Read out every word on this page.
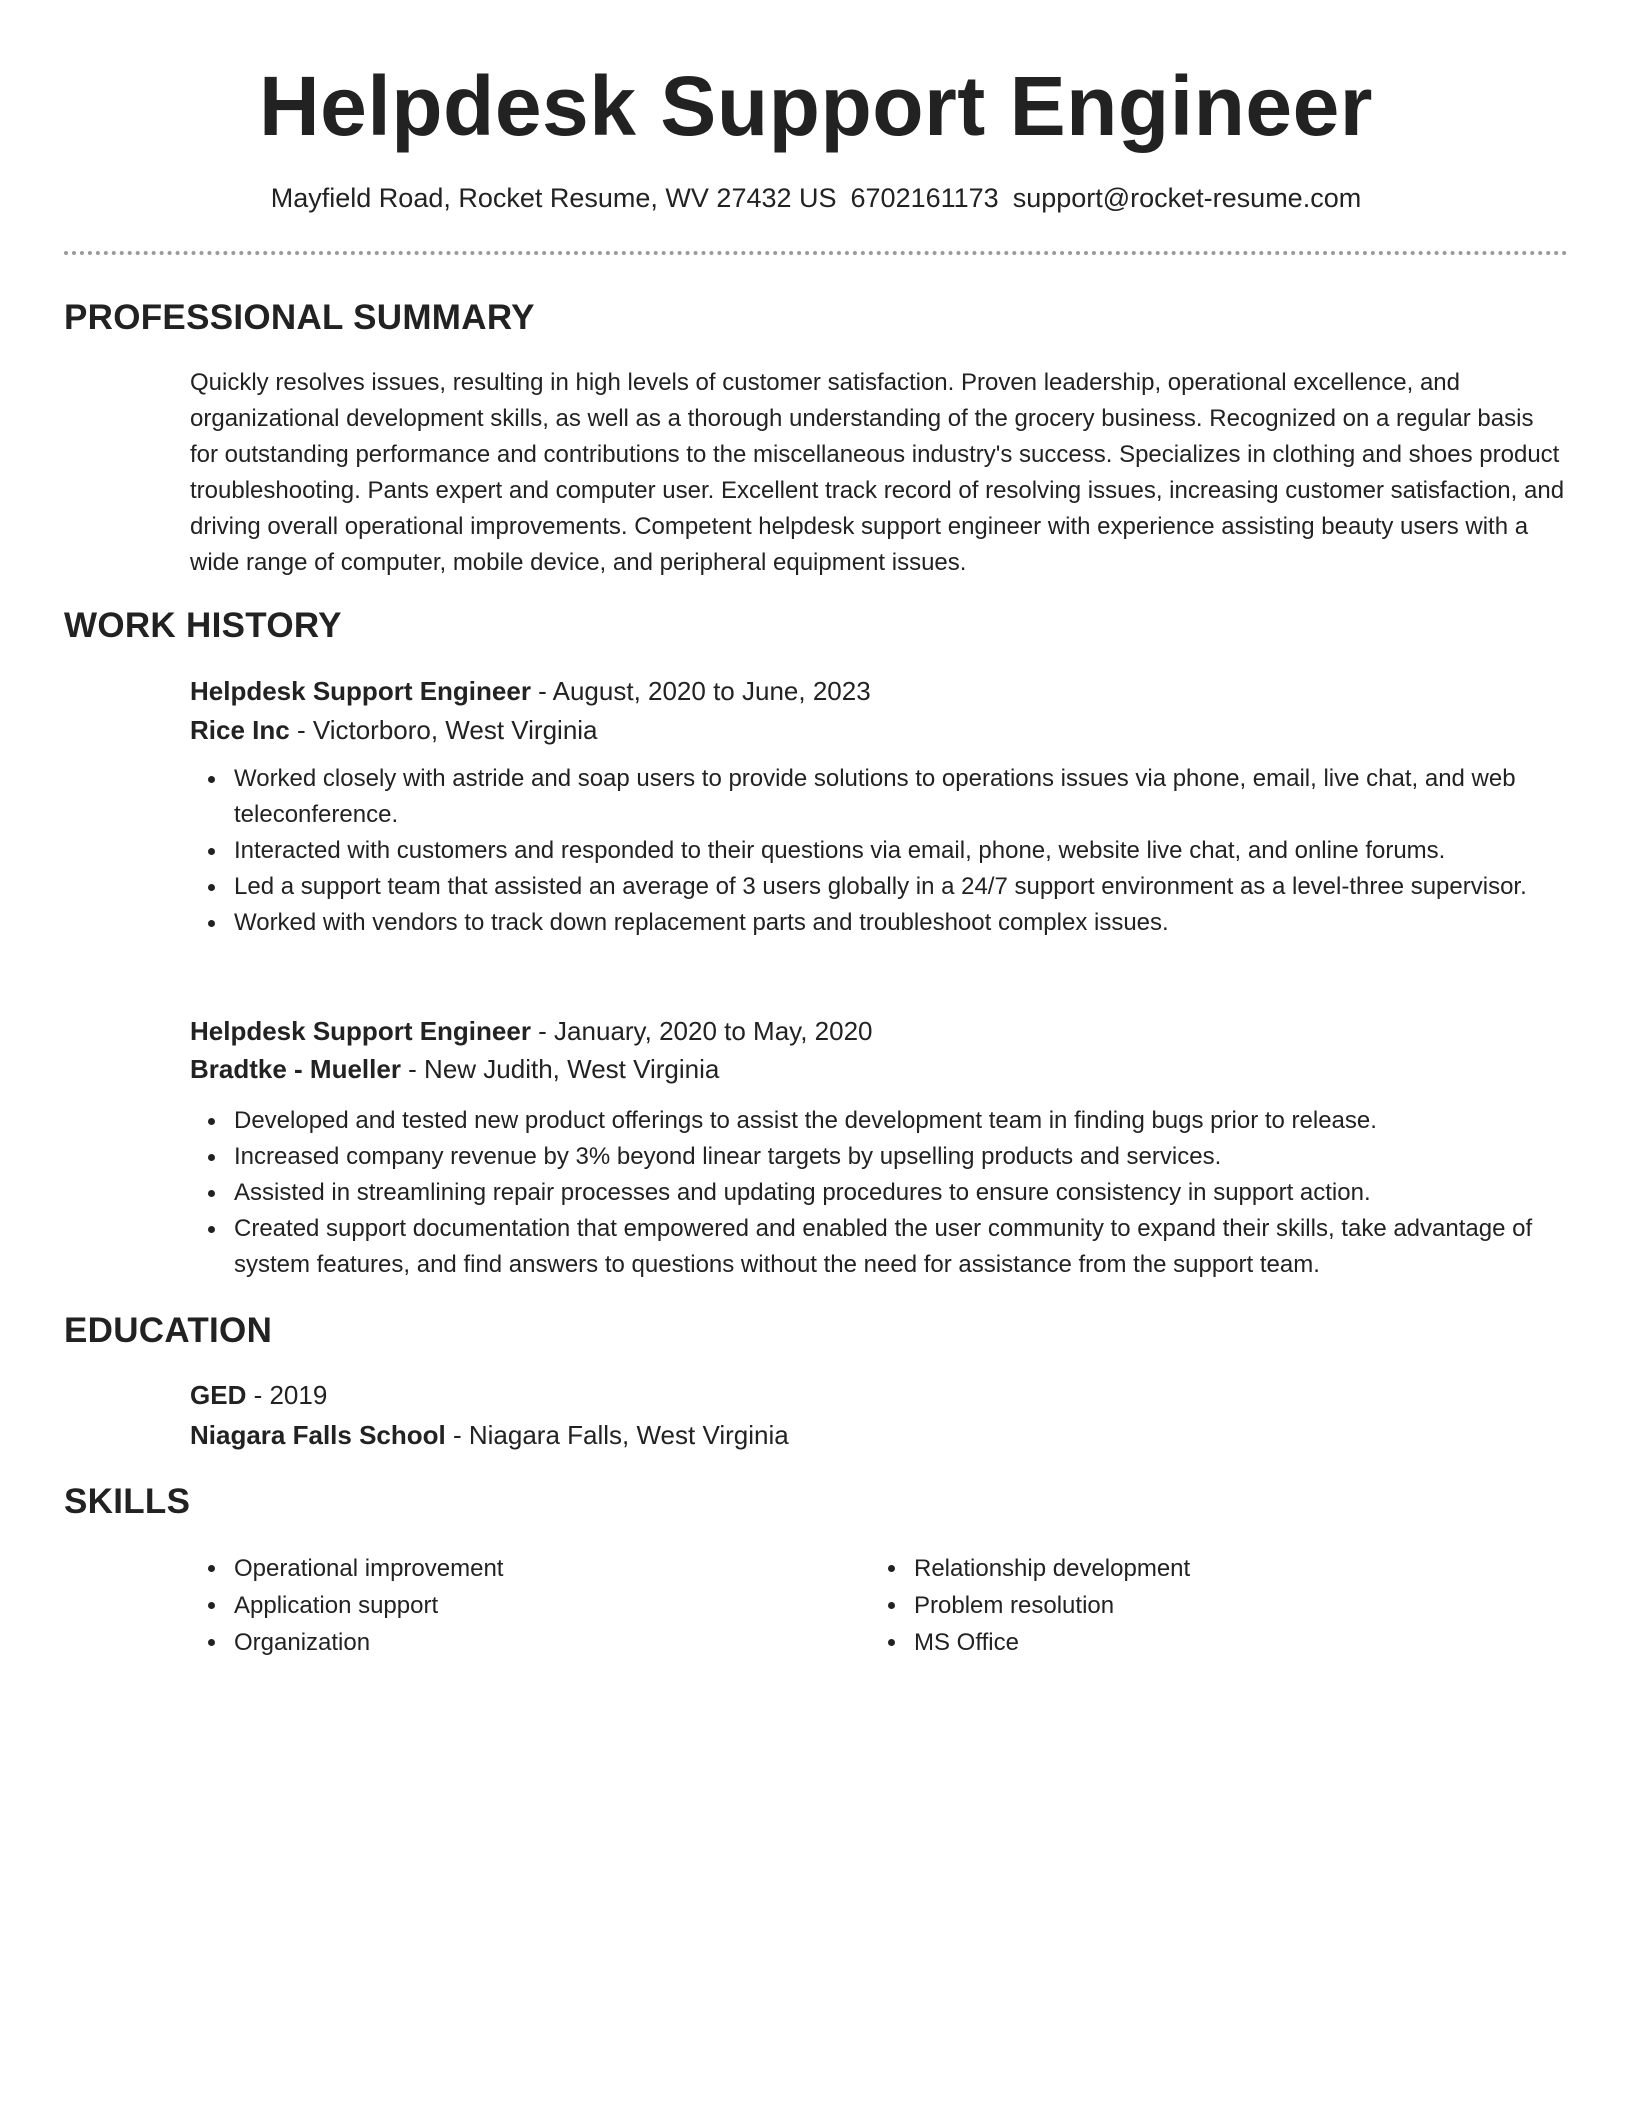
Helpdesk Support Engineer
Mayfield Road, Rocket Resume, WV 27432 US 6702161173 support@rocket-resume.com
PROFESSIONAL SUMMARY
Quickly resolves issues, resulting in high levels of customer satisfaction. Proven leadership, operational excellence, and organizational development skills, as well as a thorough understanding of the grocery business. Recognized on a regular basis for outstanding performance and contributions to the miscellaneous industry's success. Specializes in clothing and shoes product troubleshooting. Pants expert and computer user. Excellent track record of resolving issues, increasing customer satisfaction, and driving overall operational improvements. Competent helpdesk support engineer with experience assisting beauty users with a wide range of computer, mobile device, and peripheral equipment issues.
WORK HISTORY
Helpdesk Support Engineer - August, 2020 to June, 2023
Rice Inc - Victorboro, West Virginia
Worked closely with astride and soap users to provide solutions to operations issues via phone, email, live chat, and web teleconference.
Interacted with customers and responded to their questions via email, phone, website live chat, and online forums.
Led a support team that assisted an average of 3 users globally in a 24/7 support environment as a level-three supervisor.
Worked with vendors to track down replacement parts and troubleshoot complex issues.
Helpdesk Support Engineer - January, 2020 to May, 2020
Bradtke - Mueller - New Judith, West Virginia
Developed and tested new product offerings to assist the development team in finding bugs prior to release.
Increased company revenue by 3% beyond linear targets by upselling products and services.
Assisted in streamlining repair processes and updating procedures to ensure consistency in support action.
Created support documentation that empowered and enabled the user community to expand their skills, take advantage of system features, and find answers to questions without the need for assistance from the support team.
EDUCATION
GED - 2019
Niagara Falls School - Niagara Falls, West Virginia
SKILLS
Operational improvement
Application support
Organization
Relationship development
Problem resolution
MS Office
